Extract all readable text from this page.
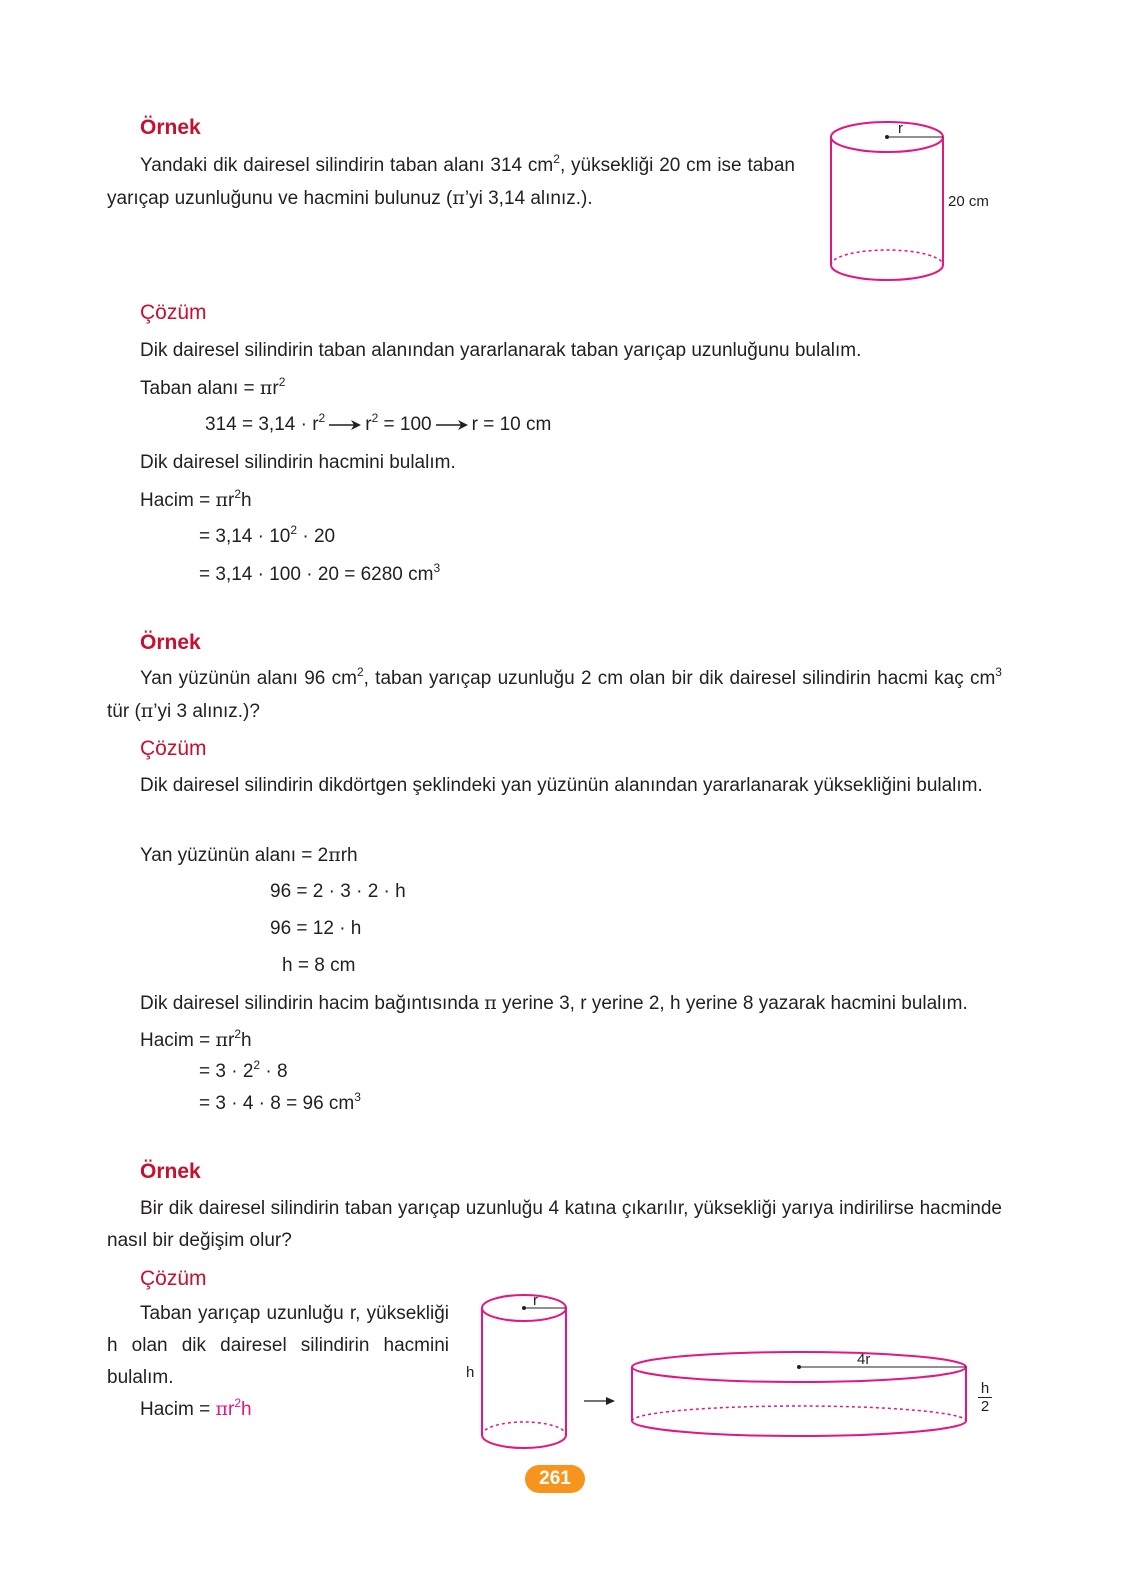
Örnek
Yandaki dik dairesel silindirin taban alanı 314 $cm^2$, yüksekliği 20 cm ise taban yarıçap uzunluğunu ve hacmini bulunuz (π’yi 3,14 alınız.).
r
20 cm
Çözüm
Dik dairesel silindirin taban alanından yararlanarak taban yarıçap uzunluğunu bulalım.
Taban alanı = $\pi r^2$
$314 = 3,14 \cdot r^2$ $r^2 = 100$ r = 10 cm
Dik dairesel silindirin hacmini bulalım.
Hacim = $\pi r^2h$
= $3,14 \cdot 10^2 \cdot 20$
= 3,14 · 100 · 20 = 6280 $cm^3$
Örnek
Yan yüzünün alanı 96 $cm^2$, taban yarıçap uzunluğu 2 cm olan bir dik dairesel silindirin hacmi kaç $cm^3$ tür (π’yi 3 alınız.)?
Çözüm
Dik dairesel silindirin dikdörtgen şeklindeki yan yüzünün alanından yararlanarak yüksekliğini bulalım.
Yan yüzünün alanı = 2πrh
96 = 2 · 3 · 2 · h
96 = 12 · h
h = 8 cm
Dik dairesel silindirin hacim bağıntısında π yerine 3, r yerine 2, h yerine 8 yazarak hacmini bulalım.
Hacim = $\pi r^2h$
= $3 \cdot 2^2 \cdot 8$
= 3 · 4 · 8 = 96 $cm^3$
Örnek
Bir dik dairesel silindirin taban yarıçap uzunluğu 4 katına çıkarılır, yüksekliği yarıya indirilirse hacminde nasıl bir değişim olur?
Çözüm
Taban yarıçap uzunluğu r, yüksekliği h olan dik dairesel silindirin hacmini bulalım.
Hacim = $\pi r^2h$
r
h
4r
h
2
261
